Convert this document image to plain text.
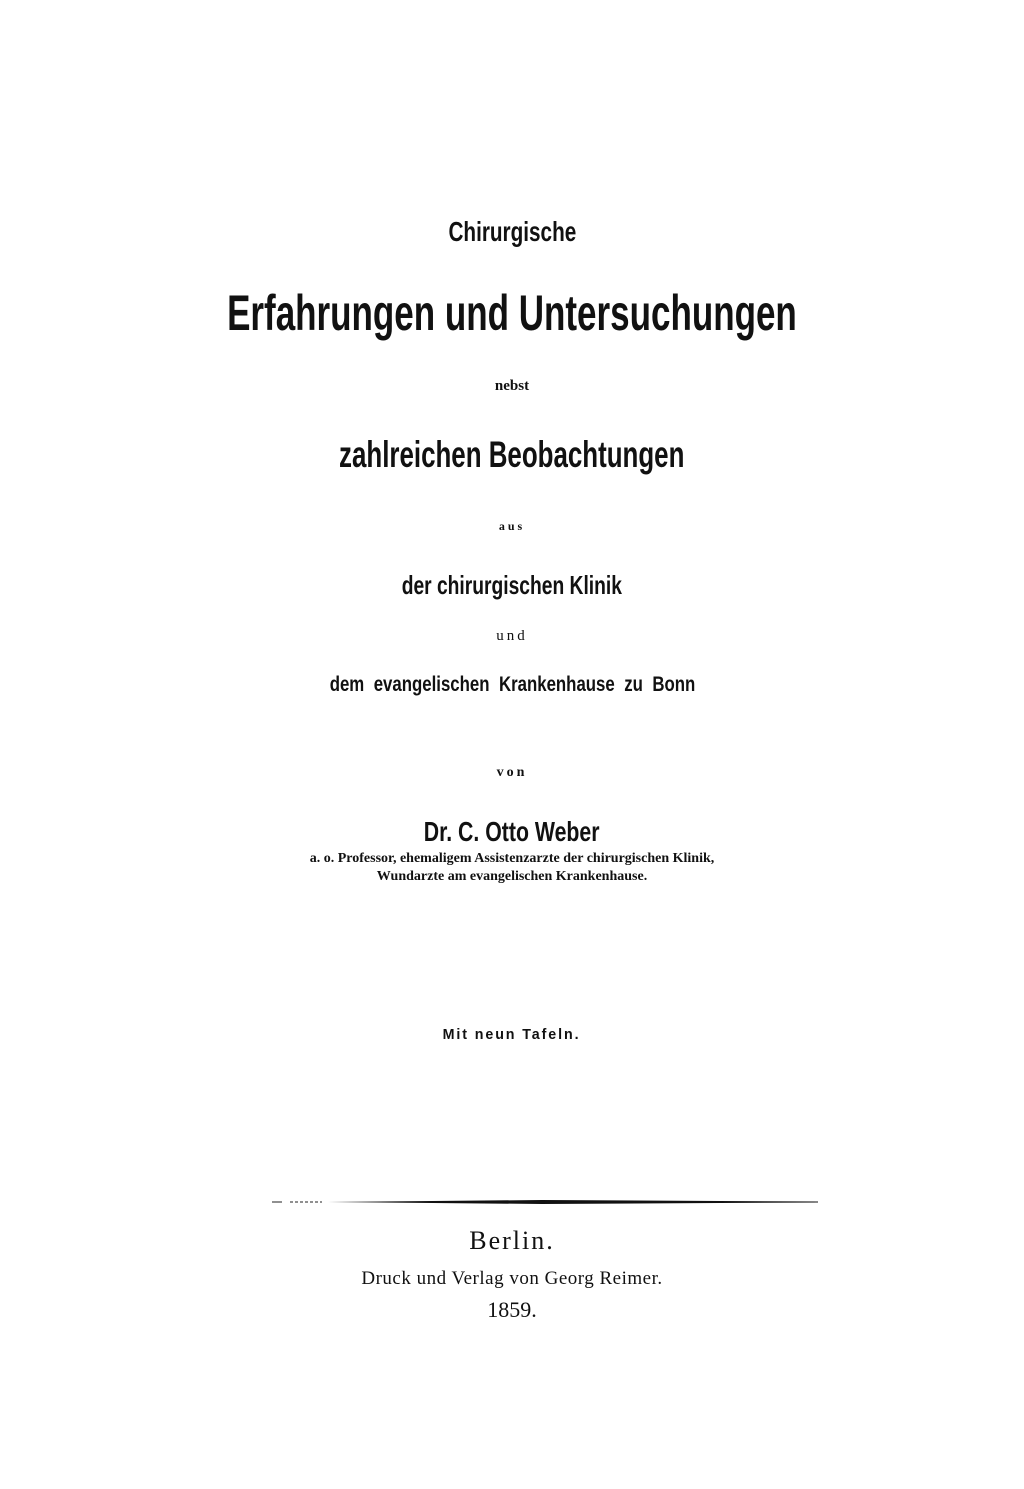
Chirurgische
Erfahrungen und Untersuchungen
nebst
zahlreichen Beobachtungen
aus
der chirurgischen Klinik
und
dem evangelischen Krankenhause zu Bonn
von
Dr. C. Otto Weber
a. o. Professor, ehemaligem Assistenzarzte der chirurgischen Klinik,
Wundarzte am evangelischen Krankenhause.
Mit neun Tafeln.
Berlin.
Druck und Verlag von Georg Reimer.
1859.
